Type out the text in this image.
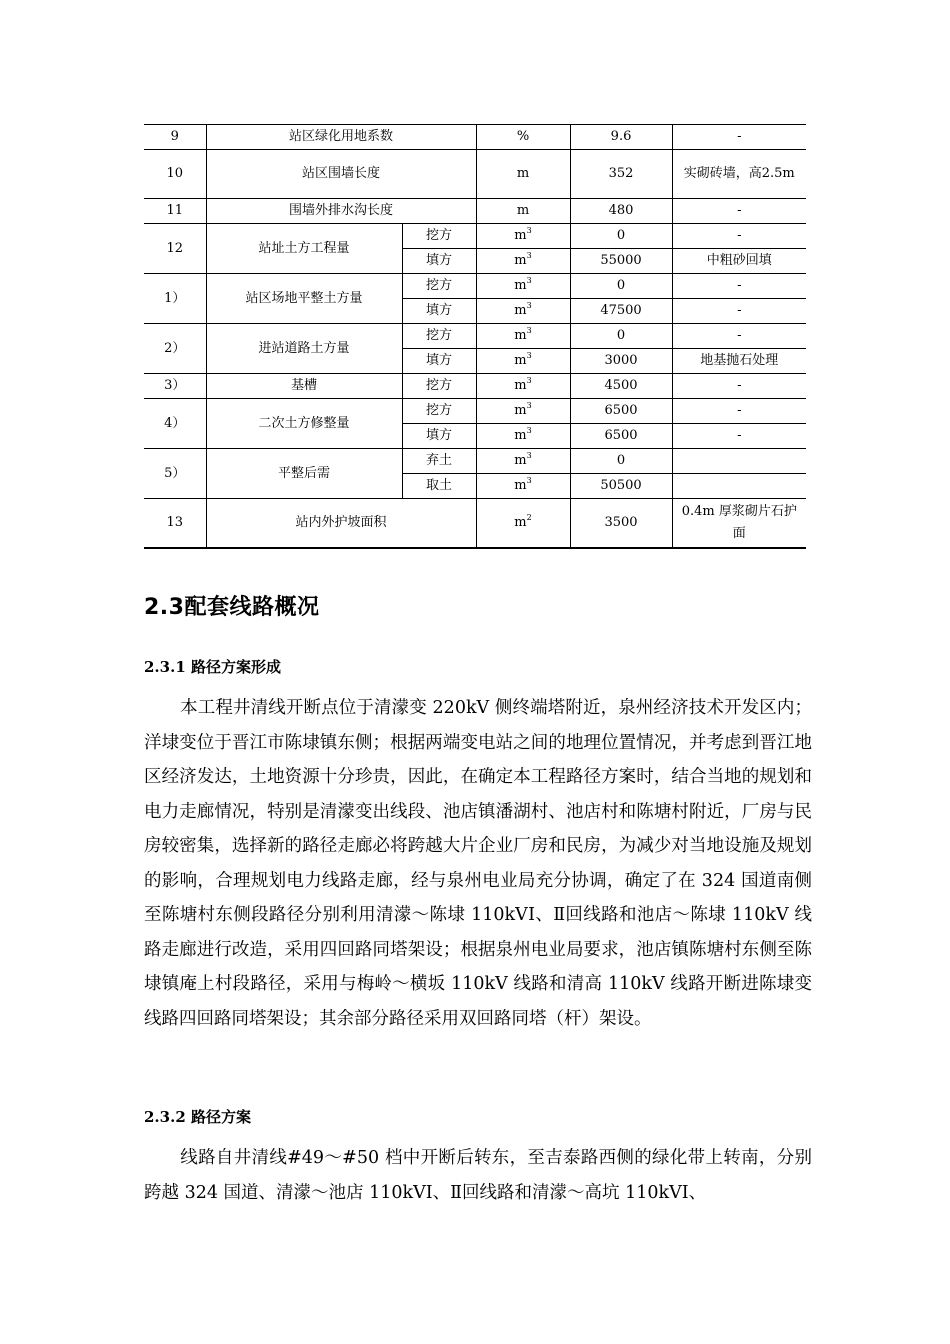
9	站区绿化用地系数		%	9.6	-
10	站区围墙长度		m	352	实砌砖墙，高2.5m
11	围墙外排水沟长度		m	480	-
12	站址土方工程量	挖方	$m^3$	0	-
		填方	$m^3$	55000	中粗砂回填
1）	站区场地平整土方量	挖方	$m^3$	0	-
		填方	$m^3$	47500	-
2）	进站道路土方量	挖方	$m^3$	0	-
		填方	$m^3$	3000	地基抛石处理
3）	基槽	挖方	$m^3$	4500	-
4）	二次土方修整量	挖方	$m^3$	6500	-
		填方	$m^3$	6500	-
5）	平整后需	弃土	$m^3$	0	
		取土	$m^3$	50500	
13	站内外护坡面积		$m^2$	3500	0.4m 厚浆砌片石护面
2.3配套线路概况
2.3.1 路径方案形成

本工程井清线开断点位于清濛变 220kV 侧终端塔附近，泉州经济技术开发区内；洋埭变位于晋江市陈埭镇东侧；根据两端变电站之间的地理位置情况，并考虑到晋江地区经济发达，土地资源十分珍贵，因此，在确定本工程路径方案时，结合当地的规划和电力走廊情况，特别是清濛变出线段、池店镇潘湖村、池店村和陈塘村附近，厂房与民房较密集，选择新的路径走廊必将跨越大片企业厂房和民房，为减少对当地设施及规划的影响，合理规划电力线路走廊，经与泉州电业局充分协调，确定了在 324 国道南侧至陈塘村东侧段路径分别利用清濛～陈埭 110kVⅠ、Ⅱ回线路和池店～陈埭 110kV 线路走廊进行改造，采用四回路同塔架设；根据泉州电业局要求，池店镇陈塘村东侧至陈埭镇庵上村段路径，采用与梅岭～横坂 110kV 线路和清高 110kV 线路开断进陈埭变线路四回路同塔架设；其余部分路径采用双回路同塔（杆）架设。

2.3.2 路径方案

线路自井清线#49～#50 档中开断后转东，至吉泰路西侧的绿化带上转南，分别跨越 324 国道、清濛～池店 110kVⅠ、Ⅱ回线路和清濛～高坑 110kVⅠ、
